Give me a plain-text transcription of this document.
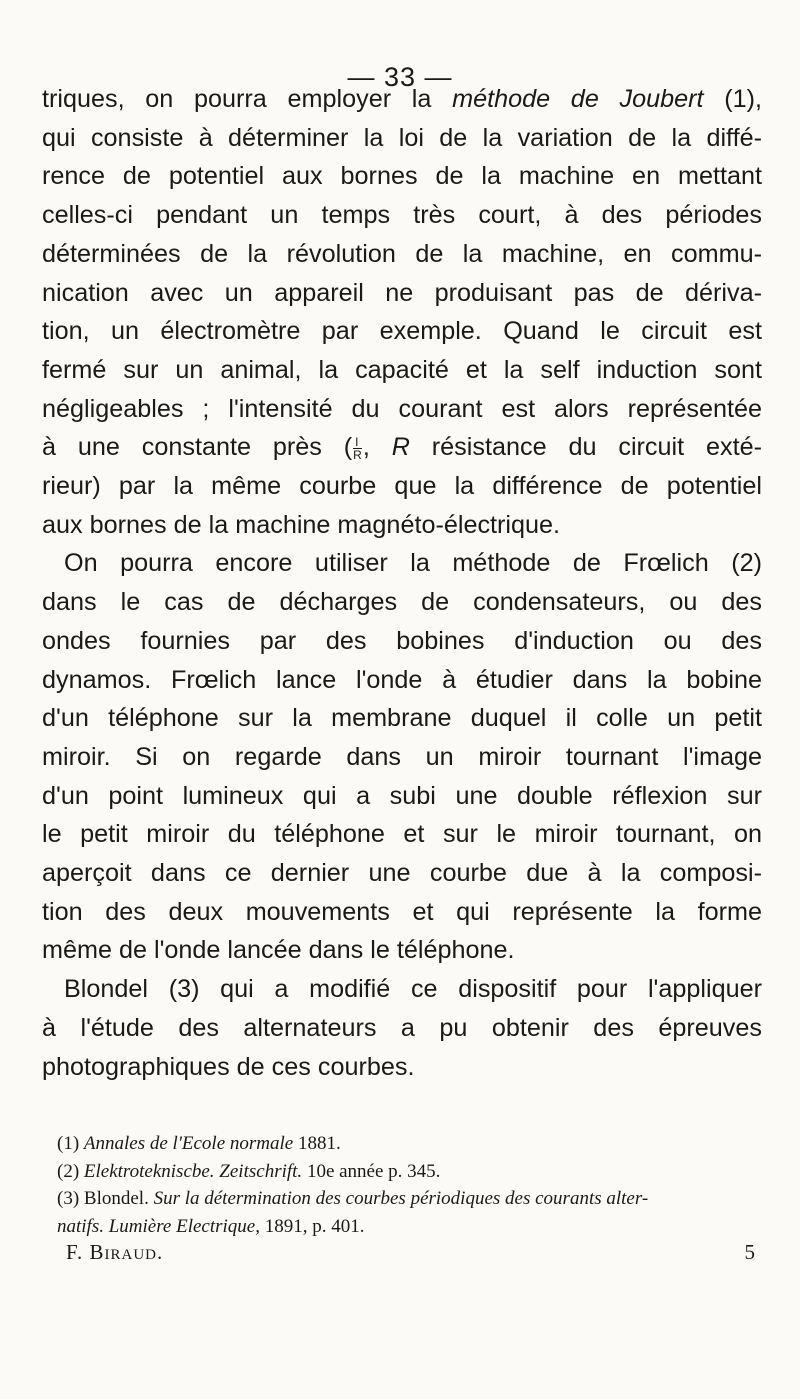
— 33 —
triques, on pourra employer la méthode de Joubert (1),
qui consiste à déterminer la loi de la variation de la diffé-
rence de potentiel aux bornes de la machine en mettant
celles-ci pendant un temps très court, à des périodes
déterminées de la révolution de la machine, en commu-
nication avec un appareil ne produisant pas de dériva-
tion, un électromètre par exemple. Quand le circuit est
fermé sur un animal, la capacité et la self induction sont
négligeables ; l'intensité du courant est alors représentée
à une constante près ( $\frac{I}{R}$ , R résistance du circuit exté-
rieur) par la même courbe que la différence de potentiel
aux bornes de la machine magnéto-électrique.
On pourra encore utiliser la méthode de Frœlich (2)
dans le cas de décharges de condensateurs, ou des
ondes fournies par des bobines d'induction ou des
dynamos. Frœlich lance l'onde à étudier dans la bobine
d'un téléphone sur la membrane duquel il colle un petit
miroir. Si on regarde dans un miroir tournant l'image
d'un point lumineux qui a subi une double réflexion sur
le petit miroir du téléphone et sur le miroir tournant, on
aperçoit dans ce dernier une courbe due à la composi-
tion des deux mouvements et qui représente la forme
même de l'onde lancée dans le téléphone.
Blondel (3) qui a modifié ce dispositif pour l'appliquer
à l'étude des alternateurs a pu obtenir des épreuves
photographiques de ces courbes.

(1) Annales de l'Ecole normale 1881.

(2) Elektrotekniscbe. Zeitschrift. 10e année p. 345.

(3) Blondel. Sur la détermination des courbes périodiques des courants alter-

natifs. Lumière Electrique, 1891, p. 401.

F. Biraud.	5
